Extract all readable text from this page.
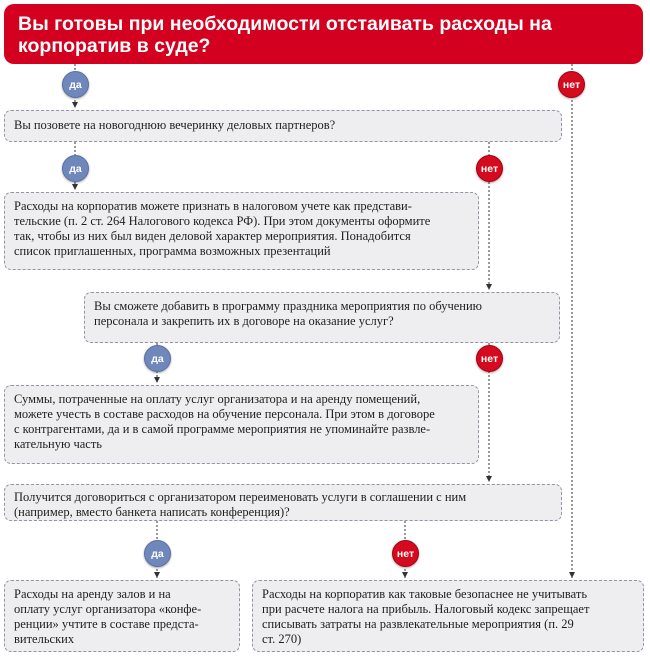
Вы готовы при необходимости отстаивать расходы на корпоратив в суде?
да	нет
Вы позовете на новогоднюю вечеринку деловых партнеров?
да	нет
Расходы на корпоратив можете признать в налоговом учете как представи-
тельские (п. 2 ст. 264 Налогового кодекса РФ). При этом документы оформите
так, чтобы из них был виден деловой характер мероприятия. Понадобится
список приглашенных, программа возможных презентаций
Вы сможете добавить в программу праздника мероприятия по обучению
персонала и закрепить их в договоре на оказание услуг?
да	нет
Суммы, потраченные на оплату услуг организатора и на аренду помещений,
можете учесть в составе расходов на обучение персонала. При этом в договоре
с контрагентами, да и в самой программе мероприятия не упоминайте развле-
кательную часть
Получится договориться с организатором переименовать услуги в соглашении с ним
(например, вместо банкета написать конференция)?
да	нет
Расходы на аренду залов и на
оплату услуг организатора «конфе-
ренции» учтите в составе предста-
вительских
Расходы на корпоратив как таковые безопаснее не учитывать
при расчете налога на прибыль. Налоговый кодекс запрещает
списывать затраты на развлекательные мероприятия (п. 29
ст. 270)
